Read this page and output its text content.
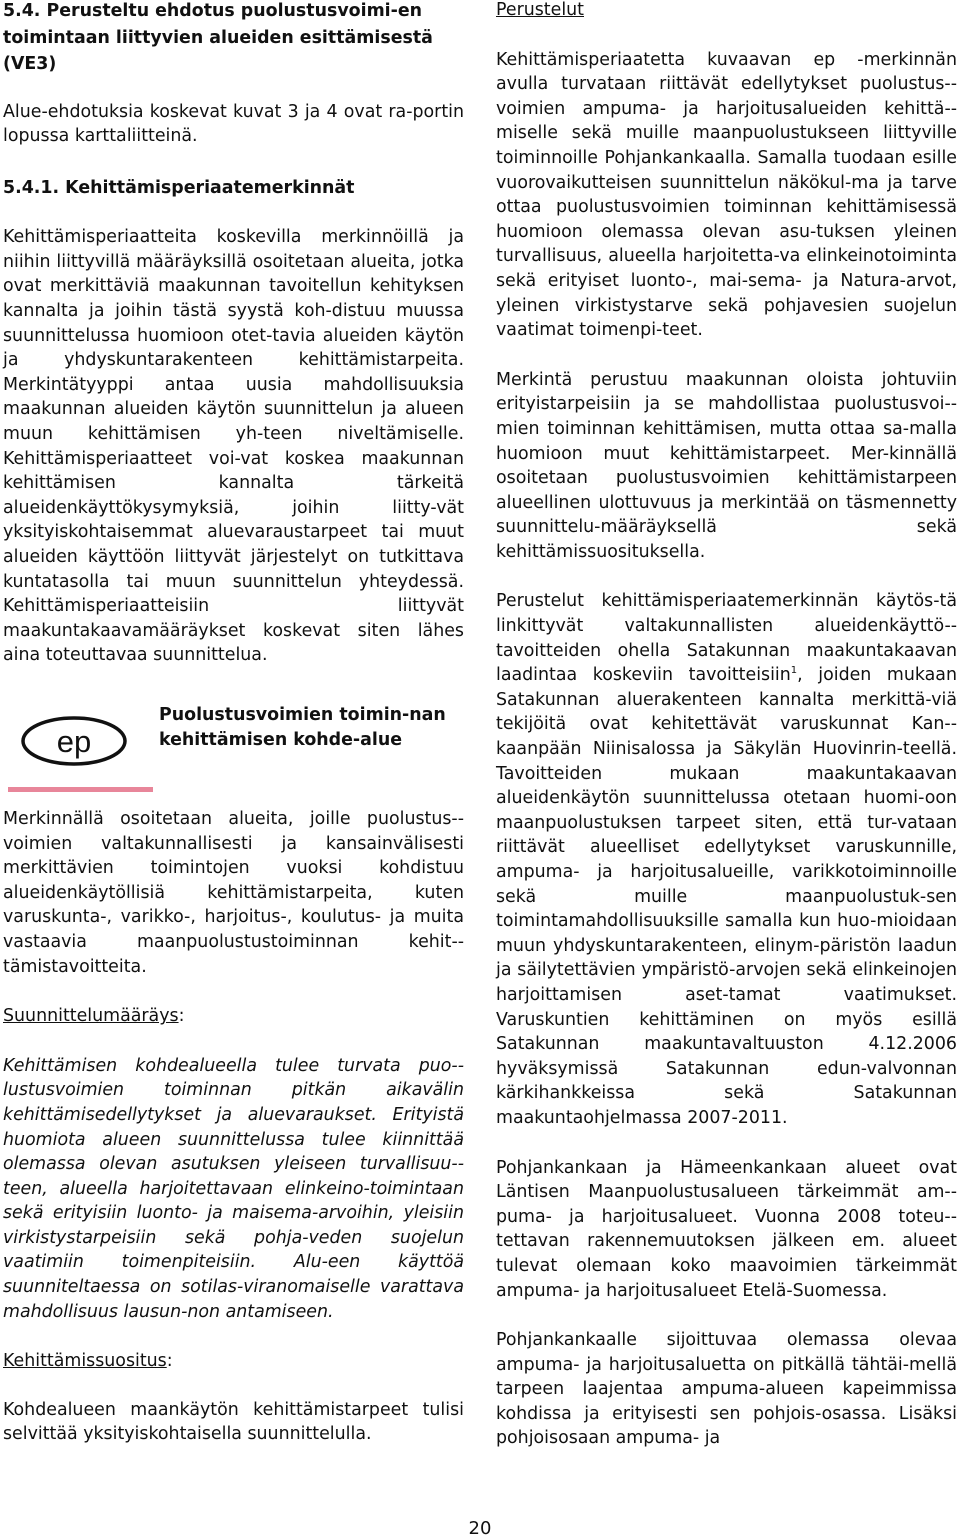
5.4. Perusteltu ehdotus puolustusvoimi-en toimintaan liittyvien alueiden esittämisestä (VE3)

Alue-ehdotuksia koskevat kuvat 3 ja 4 ovat ra-portin lopussa karttaliitteinä.

5.4.1. Kehittämisperiaatemerkinnät

Kehittämisperiaatteita koskevilla merkinnöillä ja niihin liittyvillä määräyksillä osoitetaan alueita, jotka ovat merkittäviä maakunnan tavoitellun kehityksen kannalta ja joihin tästä syystä koh-distuu muussa suunnittelussa huomioon otet-tavia alueiden käytön ja yhdyskuntarakenteen kehittämistarpeita. Merkintätyyppi antaa uusia mahdollisuuksia maakunnan alueiden käytön suunnittelun ja alueen muun kehittämisen yh-teen niveltämiselle. Kehittämisperiaatteet voi-vat koskea maakunnan kehittämisen kannalta tärkeitä alueidenkäyttökysymyksiä, joihin liitty-vät yksityiskohtaisemmat aluevaraustarpeet tai muut alueiden käyttöön liittyvät järjestelyt on tutkittava kuntatasolla tai muun suunnittelun yhteydessä. Kehittämisperiaatteisiin liittyvät maakuntakaavamääräykset koskevat siten lähes aina toteuttavaa suunnittelua.

ep
Puolustusvoimien toimin-nan kehittämisen kohde-alue

Merkinnällä osoitetaan alueita, joille puolustus-voimien valtakunnallisesti ja kansainvälisesti merkittävien toimintojen vuoksi kohdistuu alueidenkäytöllisiä kehittämistarpeita, kuten varuskunta-, varikko-, harjoitus-, koulutus- ja muita vastaavia maanpuolustustoiminnan kehit-tämistavoitteita.

Suunnittelumääräys:

Kehittämisen kohdealueella tulee turvata puo-lustusvoimien toiminnan pitkän aikavälin kehittämisedellytykset ja aluevaraukset. Erityistä huomiota alueen suunnittelussa tulee kiinnittää olemassa olevan asutuksen yleiseen turvallisuu-teen, alueella harjoitettavaan elinkeino-toimintaan sekä erityisiin luonto- ja maisema-arvoihin, yleisiin virkistystarpeisiin sekä pohja-veden suojelun vaatimiin toimenpiteisiin. Alu-een käyttöä suunniteltaessa on sotilas-viranomaiselle varattava mahdollisuus lausun-non antamiseen.

Kehittämissuositus:

Kohdealueen maankäytön kehittämistarpeet tulisi selvittää yksityiskohtaisella suunnittelulla.

Perustelut

Kehittämisperiaatetta kuvaavan ep -merkinnän avulla turvataan riittävät edellytykset puolustus-voimien ampuma- ja harjoitusalueiden kehittä-miselle sekä muille maanpuolustukseen liittyville toiminnoille Pohjankankaalla. Samalla tuodaan esille vuorovaikutteisen suunnittelun näkökul-ma ja tarve ottaa puolustusvoimien toiminnan kehittämisessä huomioon olemassa olevan asu-tuksen yleinen turvallisuus, alueella harjoitetta-va elinkeinotoiminta sekä erityiset luonto-, mai-sema- ja Natura-arvot, yleinen virkistystarve sekä pohjavesien suojelun vaatimat toimenpi-teet.

Merkintä perustuu maakunnan oloista johtuviin erityistarpeisiin ja se mahdollistaa puolustusvoi-mien toiminnan kehittämisen, mutta ottaa sa-malla huomioon muut kehittämistarpeet. Mer-kinnällä osoitetaan puolustusvoimien kehittämistarpeen alueellinen ulottuvuus ja merkintää on täsmennetty suunnittelu-määräyksellä sekä kehittämissuosituksella.

Perustelut kehittämisperiaatemerkinnän käytös-tä linkittyvät valtakunnallisten alueidenkäyttö-tavoitteiden ohella Satakunnan maakuntakaavan laadintaa koskeviin tavoitteisiin$^1$, joiden mukaan Satakunnan aluerakenteen kannalta merkittä-viä tekijöitä ovat kehitettävät varuskunnat Kan-kaanpään Niinisalossa ja Säkylän Huovinrin-teellä. Tavoitteiden mukaan maakuntakaavan alueidenkäytön suunnittelussa otetaan huomi-oon maanpuolustuksen tarpeet siten, että tur-vataan riittävät alueelliset edellytykset varuskunnille, ampuma- ja harjoitusalueille, varikkotoiminnoille sekä muille maanpuolustuk-sen toimintamahdollisuuksille samalla kun huo-mioidaan muun yhdyskuntarakenteen, elinym-päristön laadun ja säilytettävien ympäristö-arvojen sekä elinkeinojen harjoittamisen aset-tamat vaatimukset. Varuskuntien kehittäminen on myös esillä Satakunnan maakuntavaltuuston 4.12.2006 hyväksymissä Satakunnan edun-valvonnan kärkihankkeissa sekä Satakunnan maakuntaohjelmassa 2007-2011.

Pohjankankaan ja Hämeenkankaan alueet ovat Läntisen Maanpuolustusalueen tärkeimmät am-puma- ja harjoitusalueet. Vuonna 2008 toteu-tettavan rakennemuutoksen jälkeen em. alueet tulevat olemaan koko maavoimien tärkeimmät ampuma- ja harjoitusalueet Etelä-Suomessa.

Pohjankankaalle sijoittuvaa olemassa olevaa ampuma- ja harjoitusaluetta on pitkällä tähtäi-mellä tarpeen laajentaa ampuma-alueen kapeimmissa kohdissa ja erityisesti sen pohjois-osassa. Lisäksi pohjoisosaan ampuma- ja

20
